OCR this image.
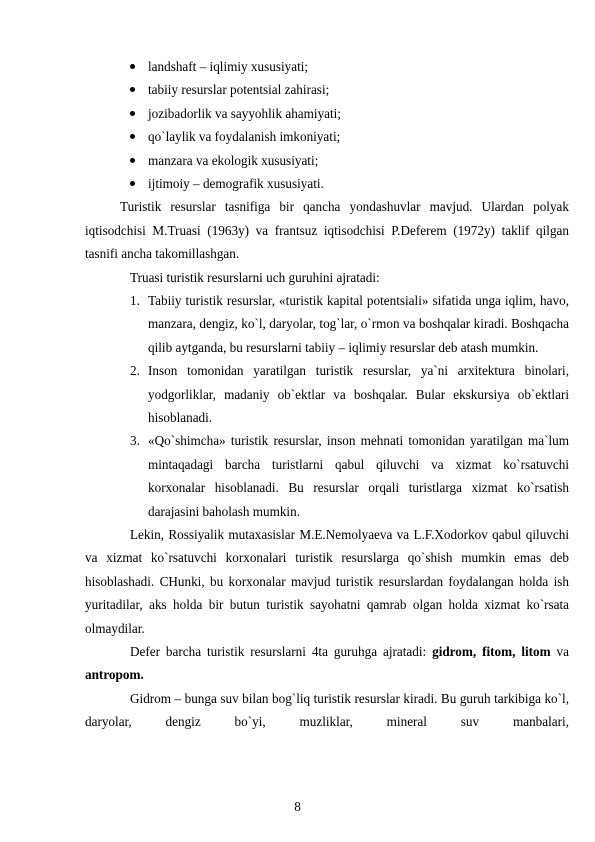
landshaft – iqlimiy xususiyati;
tabiiy resurslar potentsial zahirasi;
jozibadorlik va sayyohlik ahamiyati;
qo`laylik va foydalanish imkoniyati;
manzara va ekologik xususiyati;
ijtimoiy – demografik xususiyati.

Turistik resurslar tasnifiga bir qancha yondashuvlar mavjud. Ulardan polyak iqtisodchisi M.Truasi (1963y) va frantsuz iqtisodchisi P.Deferem (1972y) taklif qilgan tasnifi ancha takomillashgan.

Truasi turistik resurslarni uch guruhini ajratadi:

1. Tabiiy turistik resurslar, «turistik kapital potentsiali» sifatida unga iqlim, havo, manzara, dengiz, ko`l, daryolar, tog`lar, o`rmon va boshqalar kiradi. Boshqacha qilib aytganda, bu resurslarni tabiiy – iqlimiy resurslar deb atash mumkin.
2. Inson tomonidan yaratilgan turistik resurslar, ya`ni arxitektura binolari, yodgorliklar, madaniy ob`ektlar va boshqalar. Bular ekskursiya ob`ektlari hisoblanadi.
3. «Qo`shimcha» turistik resurslar, inson mehnati tomonidan yaratilgan ma`lum mintaqadagi barcha turistlarni qabul qiluvchi va xizmat ko`rsatuvchi korxonalar hisoblanadi. Bu resurslar orqali turistlarga xizmat ko`rsatish darajasini baholash mumkin.

Lekin, Rossiyalik mutaxasislar M.E.Nemolyaeva va L.F.Xodorkov qabul qiluvchi va xizmat ko`rsatuvchi korxonalari turistik resurslarga qo`shish mumkin emas deb hisoblashadi. CHunki, bu korxonalar mavjud turistik resurslardan foydalangan holda ish yuritadilar, aks holda bir butun turistik sayohatni qamrab olgan holda xizmat ko`rsata olmaydilar.

Defer barcha turistik resurslarni 4ta guruhga ajratadi: gidrom, fitom, litom va antropom.

Gidrom – bunga suv bilan bog`liq turistik resurslar kiradi. Bu guruh tarkibiga ko`l, daryolar, dengiz bo`yi, muzliklar, mineral suv manbalari,

8
